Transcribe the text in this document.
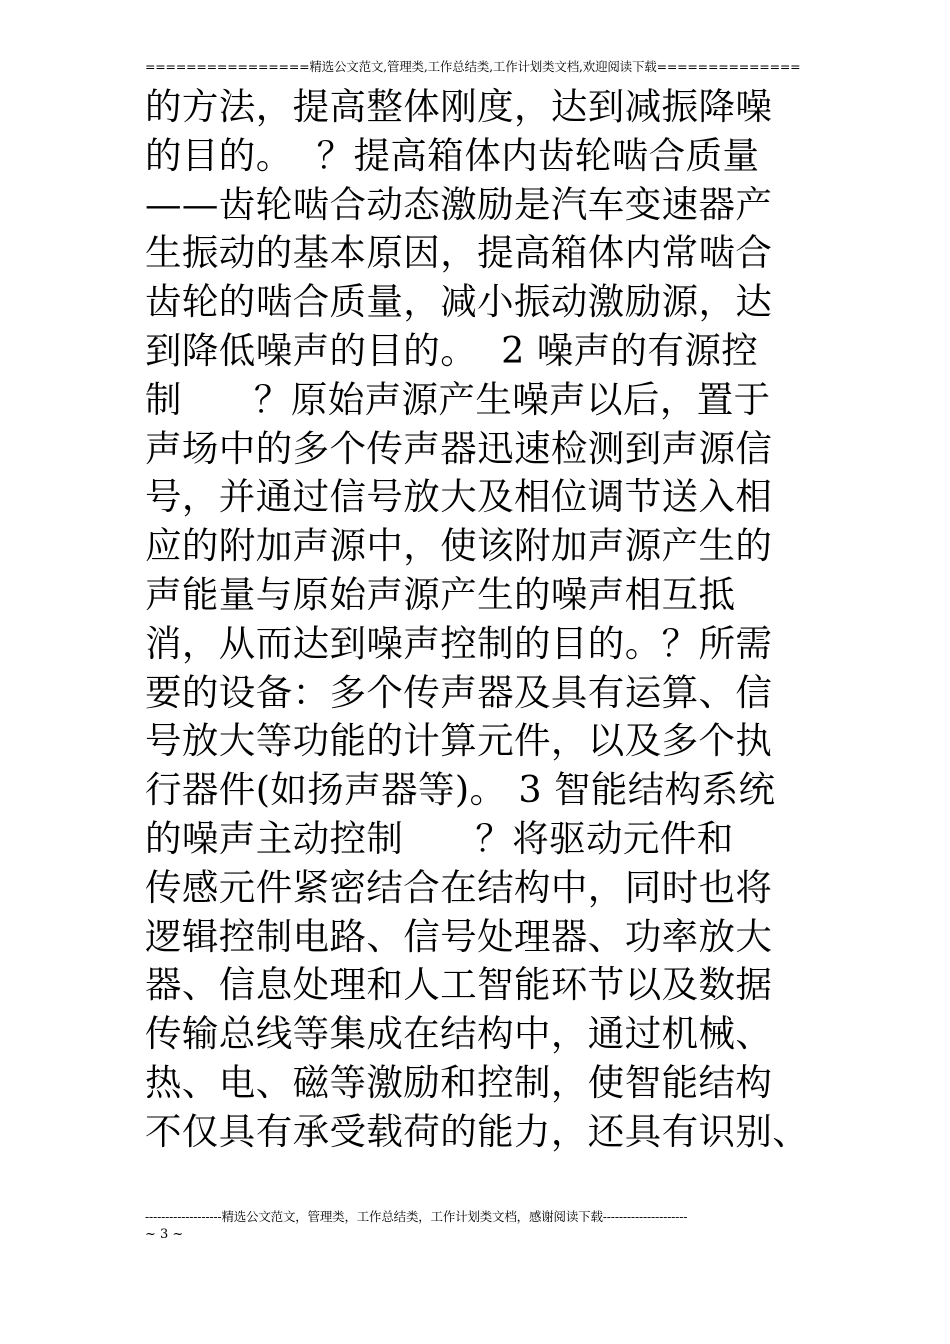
================精选公文范文,管理类,工作总结类,工作计划类文档,欢迎阅读下载==============
的方法，提高整体刚度，达到减振降噪
的目的。  ？提高箱体内齿轮啮合质量
——齿轮啮合动态激励是汽车变速器产
生振动的基本原因，提高箱体内常啮合
齿轮的啮合质量，减小振动激励源，达
到降低噪声的目的。  2 噪声的有源控
制      ？原始声源产生噪声以后，置于
声场中的多个传声器迅速检测到声源信
号，并通过信号放大及相位调节送入相
应的附加声源中，使该附加声源产生的
声能量与原始声源产生的噪声相互抵
消，从而达到噪声控制的目的。？所需
要的设备：多个传声器及具有运算、信
号放大等功能的计算元件，以及多个执
行器件(如扬声器等)。 3 智能结构系统
的噪声主动控制      ？将驱动元件和
传感元件紧密结合在结构中，同时也将
逻辑控制电路、信号处理器、功率放大
器、信息处理和人工智能环节以及数据
传输总线等集成在结构中，通过机械、
热、电、磁等激励和控制，使智能结构
不仅具有承受载荷的能力，还具有识别、
-------------------精选公文范文，管理类，工作总结类，工作计划类文档，感谢阅读下载---------------------
~ 3 ~
